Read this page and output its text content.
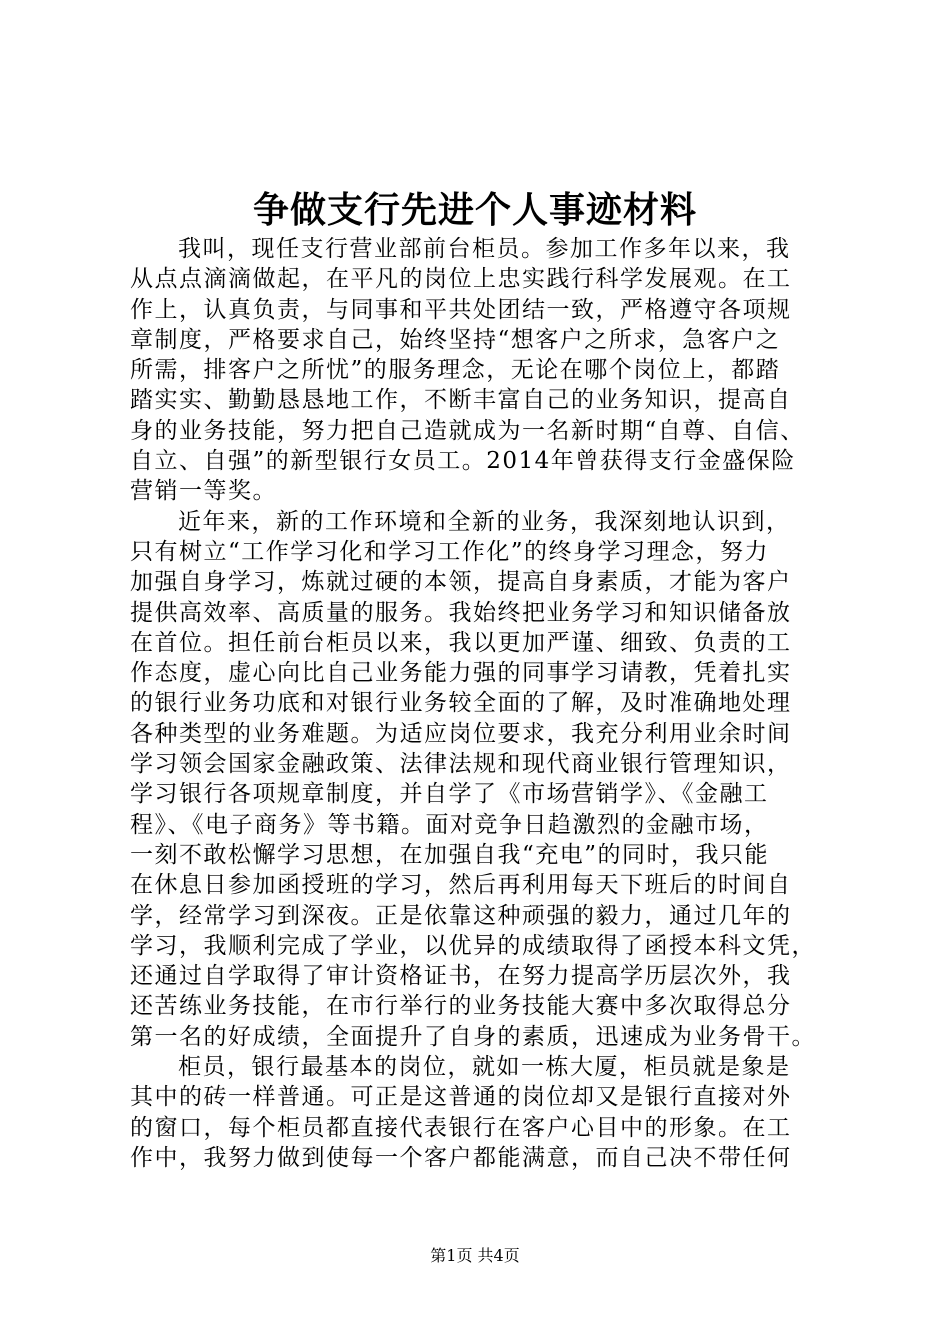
争做支行先进个人事迹材料
我叫，现任支行营业部前台柜员。参加工作多年以来，我
从点点滴滴做起，在平凡的岗位上忠实践行科学发展观。在工
作上，认真负责，与同事和平共处团结一致，严格遵守各项规
章制度，严格要求自己，始终坚持“想客户之所求，急客户之
所需，排客户之所忧”的服务理念，无论在哪个岗位上，都踏
踏实实、勤勤恳恳地工作，不断丰富自己的业务知识，提高自
身的业务技能，努力把自己造就成为一名新时期“自尊、自信、
自立、自强”的新型银行女员工。2014年曾获得支行金盛保险
营销一等奖。
近年来，新的工作环境和全新的业务，我深刻地认识到，
只有树立“工作学习化和学习工作化”的终身学习理念，努力
加强自身学习，炼就过硬的本领，提高自身素质，才能为客户
提供高效率、高质量的服务。我始终把业务学习和知识储备放
在首位。担任前台柜员以来，我以更加严谨、细致、负责的工
作态度，虚心向比自己业务能力强的同事学习请教，凭着扎实
的银行业务功底和对银行业务较全面的了解，及时准确地处理
各种类型的业务难题。为适应岗位要求，我充分利用业余时间
学习领会国家金融政策、法律法规和现代商业银行管理知识，
学习银行各项规章制度，并自学了《市场营销学》、《金融工
程》、《电子商务》等书籍。面对竞争日趋激烈的金融市场，
一刻不敢松懈学习思想，在加强自我“充电”的同时，我只能
在休息日参加函授班的学习，然后再利用每天下班后的时间自
学，经常学习到深夜。正是依靠这种顽强的毅力，通过几年的
学习，我顺利完成了学业，以优异的成绩取得了函授本科文凭，
还通过自学取得了审计资格证书，在努力提高学历层次外，我
还苦练业务技能，在市行举行的业务技能大赛中多次取得总分
第一名的好成绩，全面提升了自身的素质，迅速成为业务骨干。
柜员，银行最基本的岗位，就如一栋大厦，柜员就是象是
其中的砖一样普通。可正是这普通的岗位却又是银行直接对外
的窗口，每个柜员都直接代表银行在客户心目中的形象。在工
作中，我努力做到使每一个客户都能满意，而自己决不带任何
第1页 共4页
